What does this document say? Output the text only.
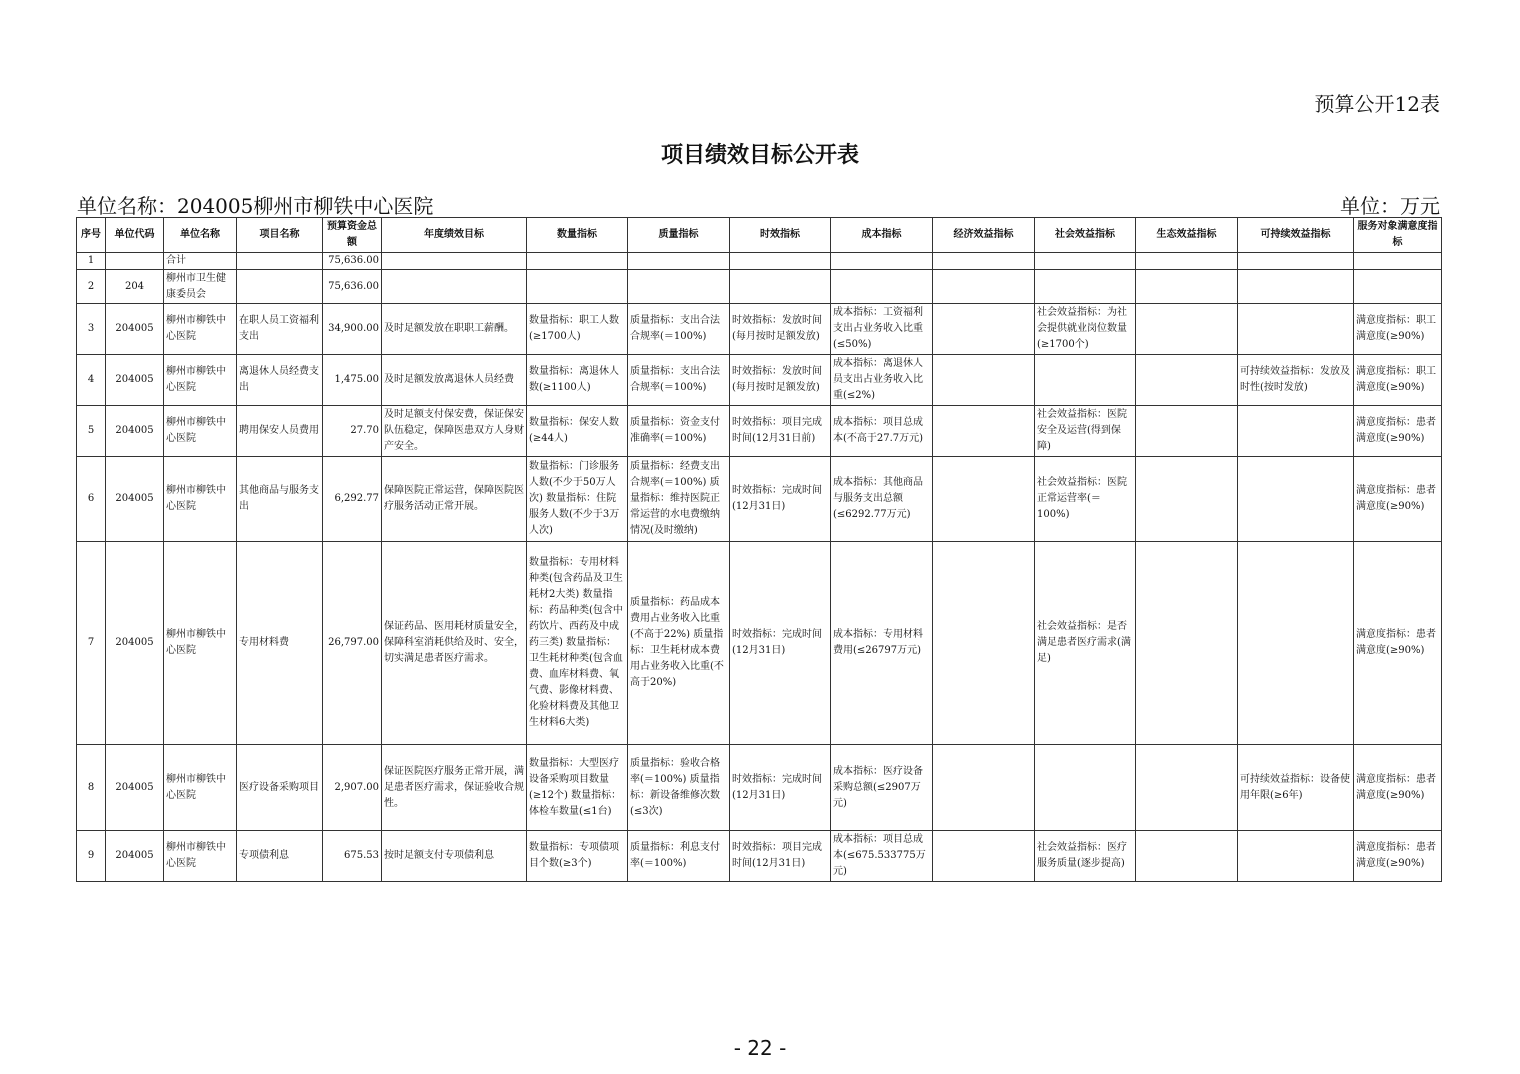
预算公开12表
项目绩效目标公开表
单位名称：204005柳州市柳铁中心医院	单位：万元
序号	单位代码	单位名称	项目名称	预算资金总额	年度绩效目标	数量指标	质量指标	时效指标	成本指标	经济效益指标	社会效益指标	生态效益指标	可持续效益指标	服务对象满意度指标
1		合计		75,636.00										
2	204	柳州市卫生健康委员会		75,636.00										
3	204005	柳州市柳铁中心医院	在职人员工资福利支出	34,900.00	及时足额发放在职职工薪酬。	数量指标：职工人数(≥1700人)	质量指标：支出合法合规率(＝100%)	时效指标：发放时间(每月按时足额发放)	成本指标：工资福利支出占业务收入比重(≤50%)		社会效益指标：为社会提供就业岗位数量(≥1700个)			满意度指标：职工满意度(≥90%)
4	204005	柳州市柳铁中心医院	离退休人员经费支出	1,475.00	及时足额发放离退休人员经费	数量指标：离退休人数(≥1100人)	质量指标：支出合法合规率(＝100%)	时效指标：发放时间(每月按时足额发放)	成本指标：离退休人员支出占业务收入比重(≤2%)				可持续效益指标：发放及时性(按时发放)	满意度指标：职工满意度(≥90%)
5	204005	柳州市柳铁中心医院	聘用保安人员费用	27.70	及时足额支付保安费，保证保安队伍稳定，保障医患双方人身财产安全。	数量指标：保安人数(≥44人)	质量指标：资金支付准确率(＝100%)	时效指标：项目完成时间(12月31日前)	成本指标：项目总成本(不高于27.7万元)		社会效益指标：医院安全及运营(得到保障)			满意度指标：患者满意度(≥90%)
6	204005	柳州市柳铁中心医院	其他商品与服务支出	6,292.77	保障医院正常运营，保障医院医疗服务活动正常开展。	数量指标：门诊服务人数(不少于50万人次) 数量指标：住院服务人数(不少于3万人次)	质量指标：经费支出合规率(＝100%) 质量指标：维持医院正常运营的水电费缴纳情况(及时缴纳)	时效指标：完成时间(12月31日)	成本指标：其他商品与服务支出总额(≤6292.77万元)		社会效益指标：医院正常运营率(＝100%)			满意度指标：患者满意度(≥90%)
7	204005	柳州市柳铁中心医院	专用材料费	26,797.00	保证药品、医用耗材质量安全，保障科室消耗供给及时、安全，切实满足患者医疗需求。	数量指标：专用材料种类(包含药品及卫生耗材2大类) 数量指标：药品种类(包含中药饮片、西药及中成药三类) 数量指标：卫生耗材种类(包含血费、血库材料费、氧气费、影像材料费、化验材料费及其他卫生材料6大类)	质量指标：药品成本费用占业务收入比重(不高于22%) 质量指标：卫生耗材成本费用占业务收入比重(不高于20%)	时效指标：完成时间(12月31日)	成本指标：专用材料费用(≤26797万元)		社会效益指标：是否满足患者医疗需求(满足)			满意度指标：患者满意度(≥90%)
8	204005	柳州市柳铁中心医院	医疗设备采购项目	2,907.00	保证医院医疗服务正常开展，满足患者医疗需求，保证验收合规性。	数量指标：大型医疗设备采购项目数量(≥12个) 数量指标：体检车数量(≤1台)	质量指标：验收合格率(＝100%) 质量指标：新设备维修次数(≤3次)	时效指标：完成时间(12月31日)	成本指标：医疗设备采购总额(≤2907万元)				可持续效益指标：设备使用年限(≥6年)	满意度指标：患者满意度(≥90%)
9	204005	柳州市柳铁中心医院	专项债利息	675.53	按时足额支付专项债利息	数量指标：专项债项目个数(≥3个)	质量指标：利息支付率(＝100%)	时效指标：项目完成时间(12月31日)	成本指标：项目总成本(≤675.533775万元)		社会效益指标：医疗服务质量(逐步提高)			满意度指标：患者满意度(≥90%)
- 22 -
